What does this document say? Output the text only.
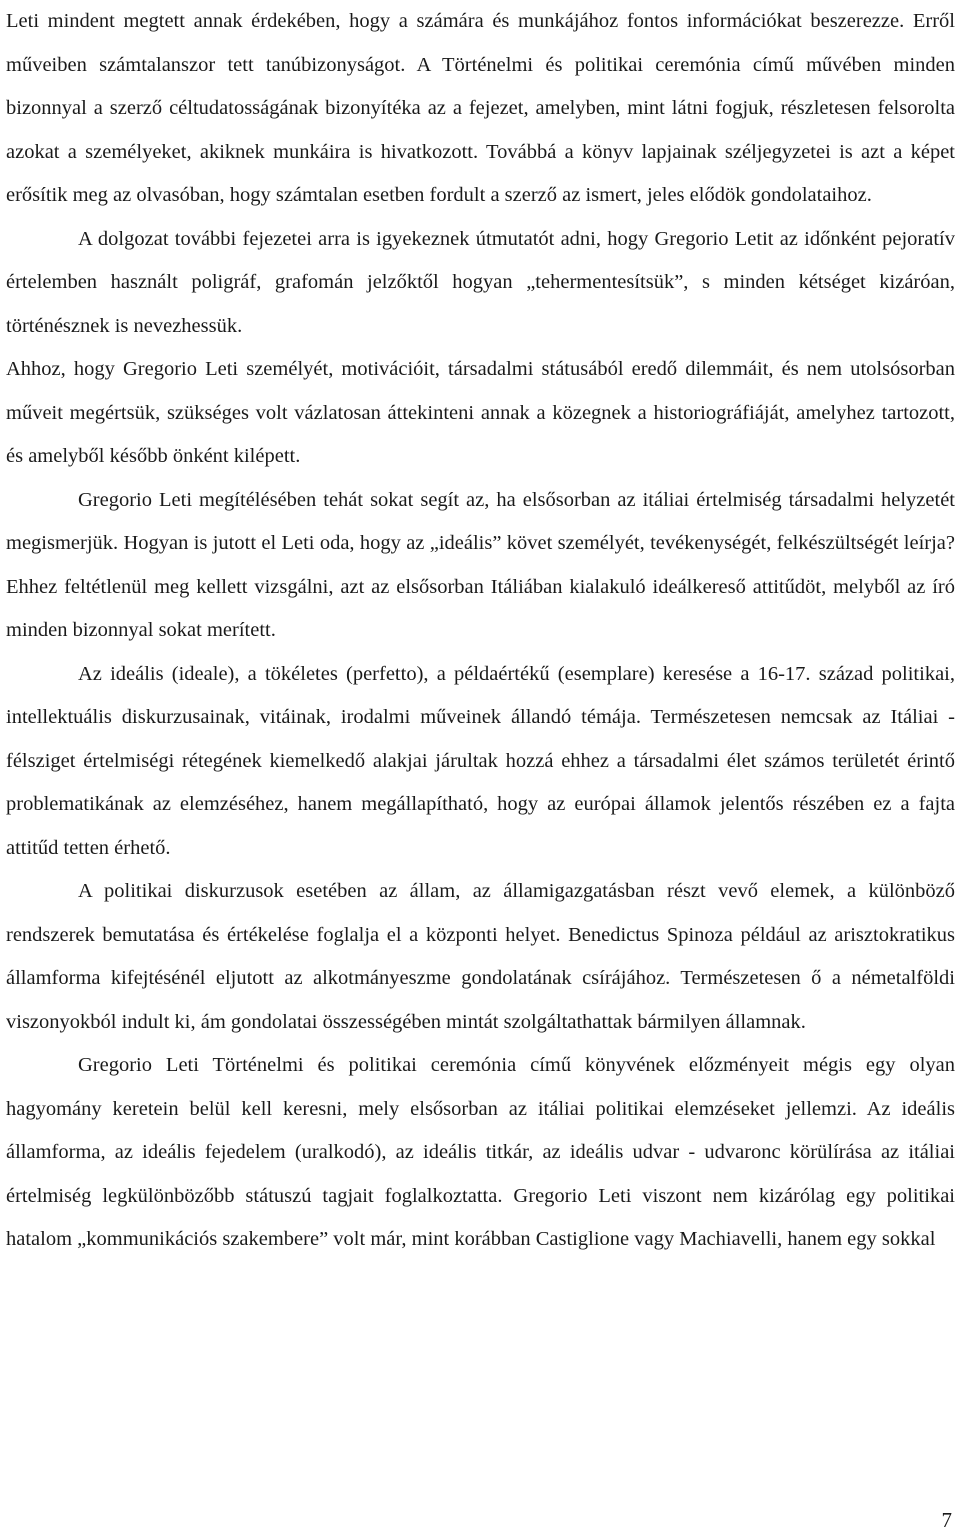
Leti mindent megtett annak érdekében, hogy a számára és munkájához fontos információkat beszerezze. Erről műveiben számtalanszor tett tanúbizonyságot. A Történelmi és politikai ceremónia című művében minden bizonnyal a szerző céltudatosságának bizonyítéka az a fejezet, amelyben, mint látni fogjuk, részletesen felsorolta azokat a személyeket, akiknek munkáira is hivatkozott. Továbbá a könyv lapjainak széljegyzetei is azt a képet erősítik meg az olvasóban, hogy számtalan esetben fordult a szerző az ismert, jeles elődök gondolataihoz.

A dolgozat további fejezetei arra is igyekeznek útmutatót adni, hogy Gregorio Letit az időnként pejoratív értelemben használt poligráf, grafomán jelzőktől hogyan „tehermentesítsük”, s minden kétséget kizáróan, történésznek is nevezhessük.

Ahhoz, hogy Gregorio Leti személyét, motivációit, társadalmi státusából eredő dilemmáit, és nem utolsósorban műveit megértsük, szükséges volt vázlatosan áttekinteni annak a közegnek a historiográfiáját, amelyhez tartozott, és amelyből később önként kilépett.

Gregorio Leti megítélésében tehát sokat segít az, ha elsősorban az itáliai értelmiség társadalmi helyzetét megismerjük. Hogyan is jutott el Leti oda, hogy az „ideális” követ személyét, tevékenységét, felkészültségét leírja? Ehhez feltétlenül meg kellett vizsgálni, azt az elsősorban Itáliában kialakuló ideálkereső attitűdöt, melyből az író minden bizonnyal sokat merített.

Az ideális (ideale), a tökéletes (perfetto), a példaértékű (esemplare) keresése a 16-17. század politikai, intellektuális diskurzusainak, vitáinak, irodalmi műveinek állandó témája. Természetesen nemcsak az Itáliai - félsziget értelmiségi rétegének kiemelkedő alakjai járultak hozzá ehhez a társadalmi élet számos területét érintő problematikának az elemzéséhez, hanem megállapítható, hogy az európai államok jelentős részében ez a fajta attitűd tetten érhető.

A politikai diskurzusok esetében az állam, az államigazgatásban részt vevő elemek, a különböző rendszerek bemutatása és értékelése foglalja el a központi helyet. Benedictus Spinoza például az arisztokratikus államforma kifejtésénél eljutott az alkotmányeszme gondolatának csírájához. Természetesen ő a németalföldi viszonyokból indult ki, ám gondolatai összességében mintát szolgáltathattak bármilyen államnak.

Gregorio Leti Történelmi és politikai ceremónia című könyvének előzményeit mégis egy olyan hagyomány keretein belül kell keresni, mely elsősorban az itáliai politikai elemzéseket jellemzi. Az ideális államforma, az ideális fejedelem (uralkodó), az ideális titkár, az ideális udvar - udvaronc körülírása az itáliai értelmiség legkülönbözőbb státuszú tagjait foglalkoztatta. Gregorio Leti viszont nem kizárólag egy politikai hatalom „kommunikációs szakembere” volt már, mint korábban Castiglione vagy Machiavelli, hanem egy sokkal

7
